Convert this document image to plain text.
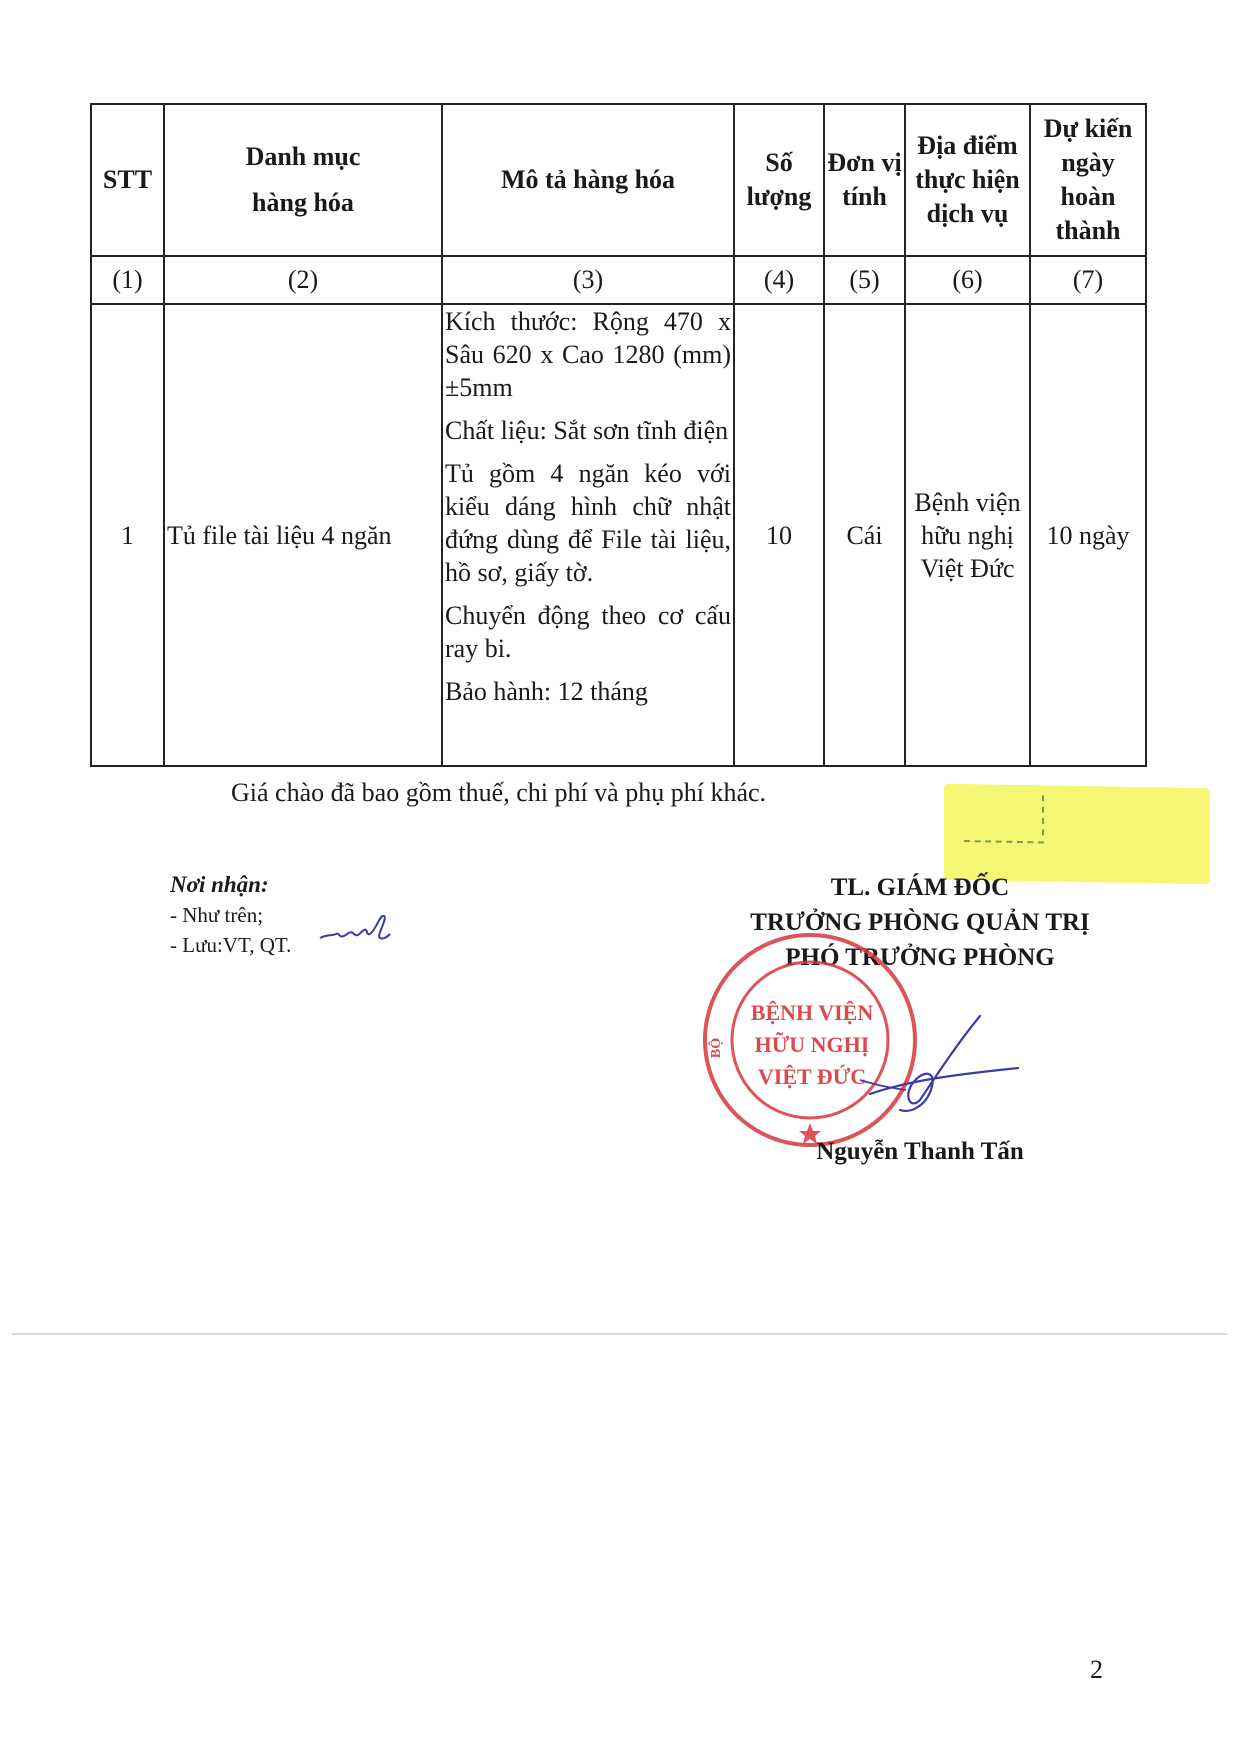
STT	Danh mục hàng hóa	Mô tả hàng hóa	Số lượng	Đơn vị tính	Địa điểm thực hiện dịch vụ	Dự kiến ngày hoàn thành

(1)	(2)	(3)	(4)	(5)	(6)	(7)
1	Tủ file tài liệu 4 ngăn	Kích thước: Rộng 470 x Sâu 620 x Cao 1280 (mm) ±5mm

Chất liệu: Sắt sơn tĩnh điện

Tủ gồm 4 ngăn kéo với kiểu dáng hình chữ nhật đứng dùng để File tài liệu, hồ sơ, giấy tờ.

Chuyển động theo cơ cấu ray bi.

Bảo hành: 12 tháng	10	Cái	Bệnh viện hữu nghị Việt Đức	10 ngày
Giá chào đã bao gồm thuế, chi phí và phụ phí khác.
Nơi nhận:
- Như trên;
- Lưu:VT, QT.
TL. GIÁM ĐỐC
TRƯỞNG PHÒNG QUẢN TRỊ
PHÓ TRƯỞNG PHÒNG
BỆNH VIỆN
HỮU NGHỊ
VIỆT ĐỨC
BỘ
Nguyễn Thanh Tấn
2
